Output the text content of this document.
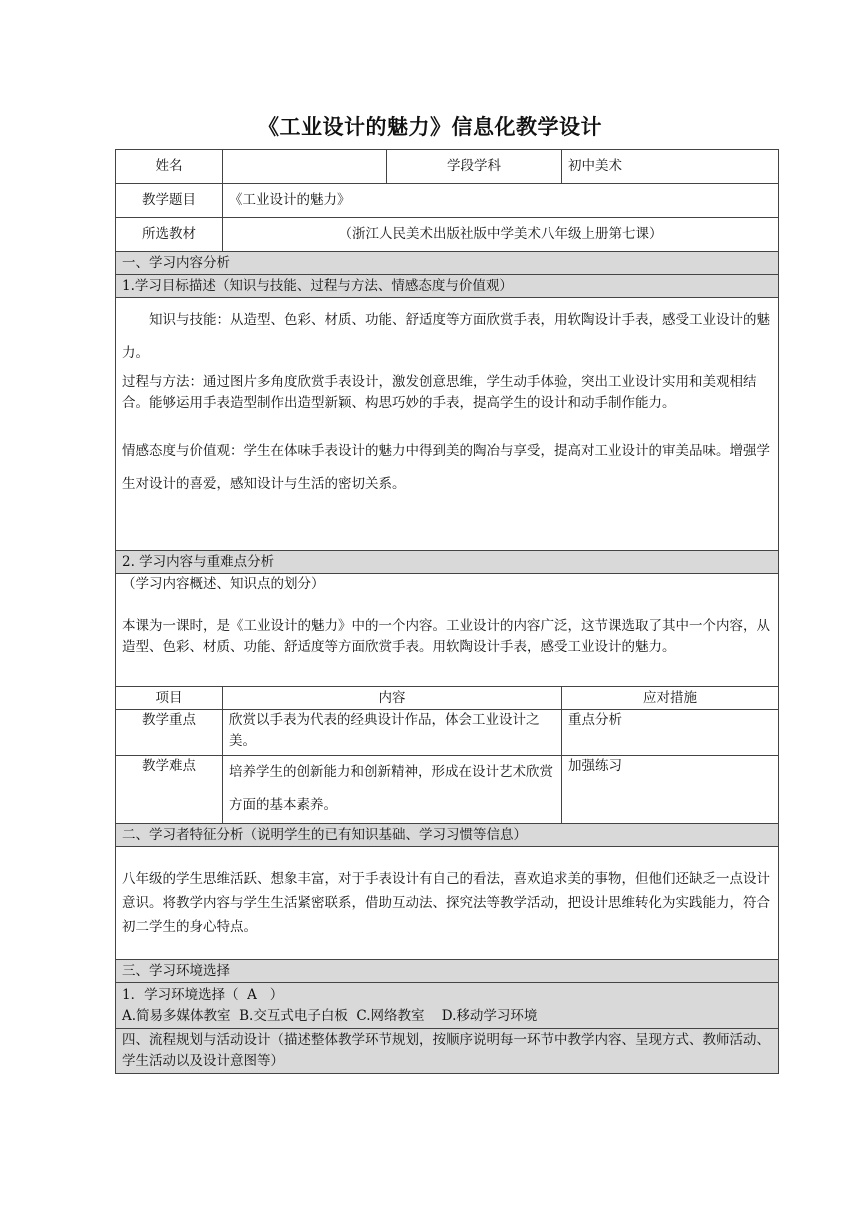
《工业设计的魅力》信息化教学设计
姓名		学段学科	初中美术
教学题目	《工业设计的魅力》		
所选教材	（浙江人民美术出版社版中学美术八年级上册第七课）		
一、学习内容分析			
1.学习目标描述（知识与技能、过程与方法、情感态度与价值观）			

知识与技能：从造型、色彩、材质、功能、舒适度等方面欣赏手表，用软陶设计手表，感受工业设计的魅力。

过程与方法：通过图片多角度欣赏手表设计，激发创意思维，学生动手体验，突出工业设计实用和美观相结合。能够运用手表造型制作出造型新颖、构思巧妙的手表，提高学生的设计和动手制作能力。

情感态度与价值观：学生在体味手表设计的魅力中得到美的陶冶与享受，提高对工业设计的审美品味。增强学生对设计的喜爱，感知设计与生活的密切关系。			

2. 学习内容与重难点分析			

（学习内容概述、知识点的划分）

本课为一课时，是《工业设计的魅力》中的一个内容。工业设计的内容广泛，这节课选取了其中一个内容，从造型、色彩、材质、功能、舒适度等方面欣赏手表。用软陶设计手表，感受工业设计的魅力。			

项目	内容		应对措施
教学重点	欣赏以手表为代表的经典设计作品，体会工业设计之美。		重点分析
教学难点	培养学生的创新能力和创新精神，形成在设计艺术欣赏方面的基本素养。		加强练习
二、学习者特征分析（说明学生的已有知识基础、学习习惯等信息）			
八年级的学生思维活跃、想象丰富，对于手表设计有自己的看法，喜欢追求美的事物，但他们还缺乏一点设计意识。将教学内容与学生生活紧密联系，借助互动法、探究法等教学活动，把设计思维转化为实践能力，符合初二学生的身心特点。			
三、学习环境选择			

1．学习环境选择（  A   ）

A.简易多媒体教室  B.交互式电子白板  C.网络教室    D.移动学习环境			

四、流程规划与活动设计（描述整体教学环节规划，按顺序说明每一环节中教学内容、呈现方式、教师活动、学生活动以及设计意图等）			
